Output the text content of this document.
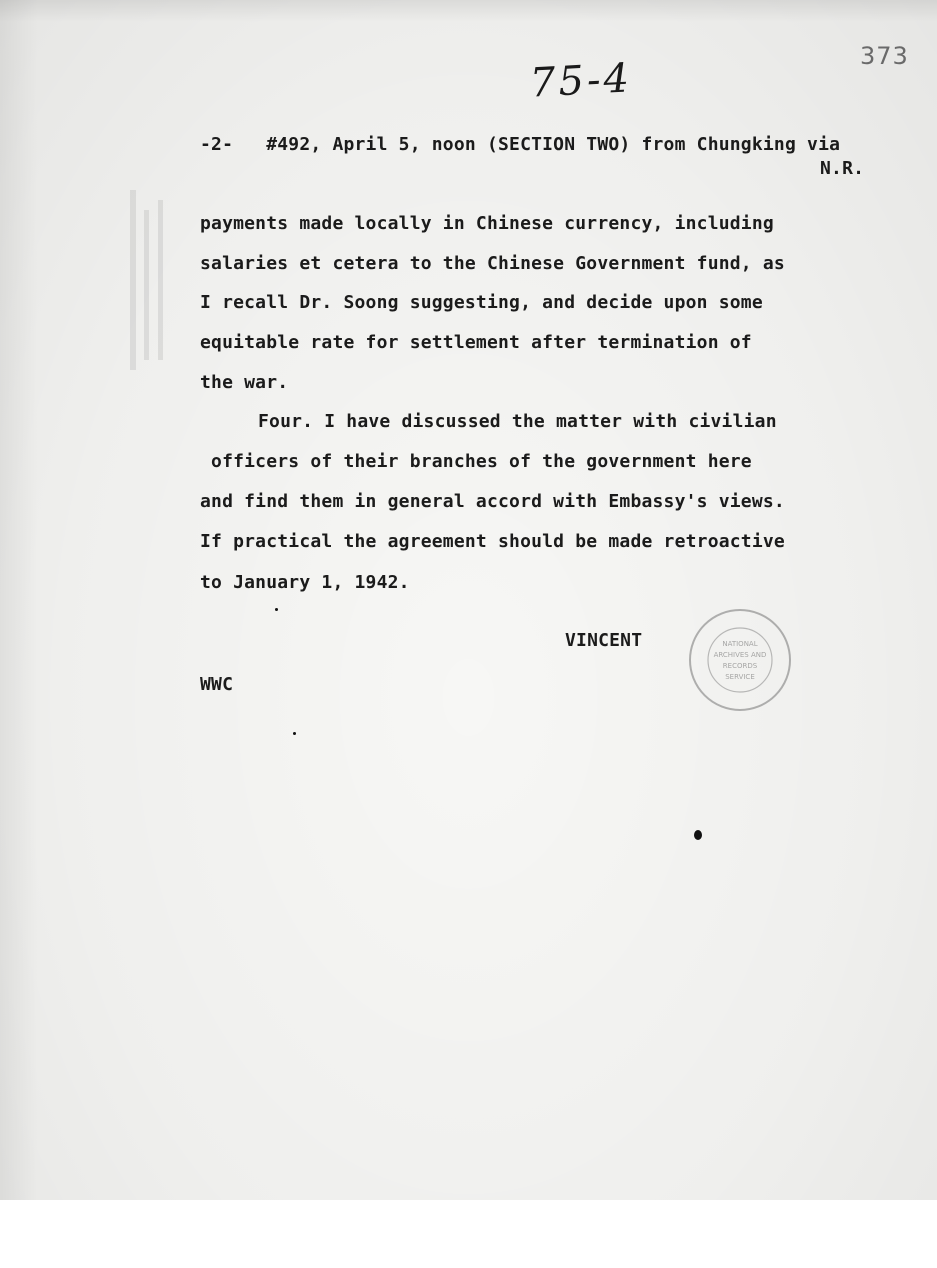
373
75-4
-2-   #492, April 5, noon (SECTION TWO) from Chungking via
N.R.
payments made locally in Chinese currency, including
salaries et cetera to the Chinese Government fund, as
I recall Dr. Soong suggesting, and decide upon some
equitable rate for settlement after termination of
the war.
Four. I have discussed the matter with civilian
officers of their branches of the government here
and find them in general accord with Embassy's views.
If practical the agreement should be made retroactive
to January 1, 1942.
VINCENT
WWC
NATIONAL
ARCHIVES AND
RECORDS
SERVICE
